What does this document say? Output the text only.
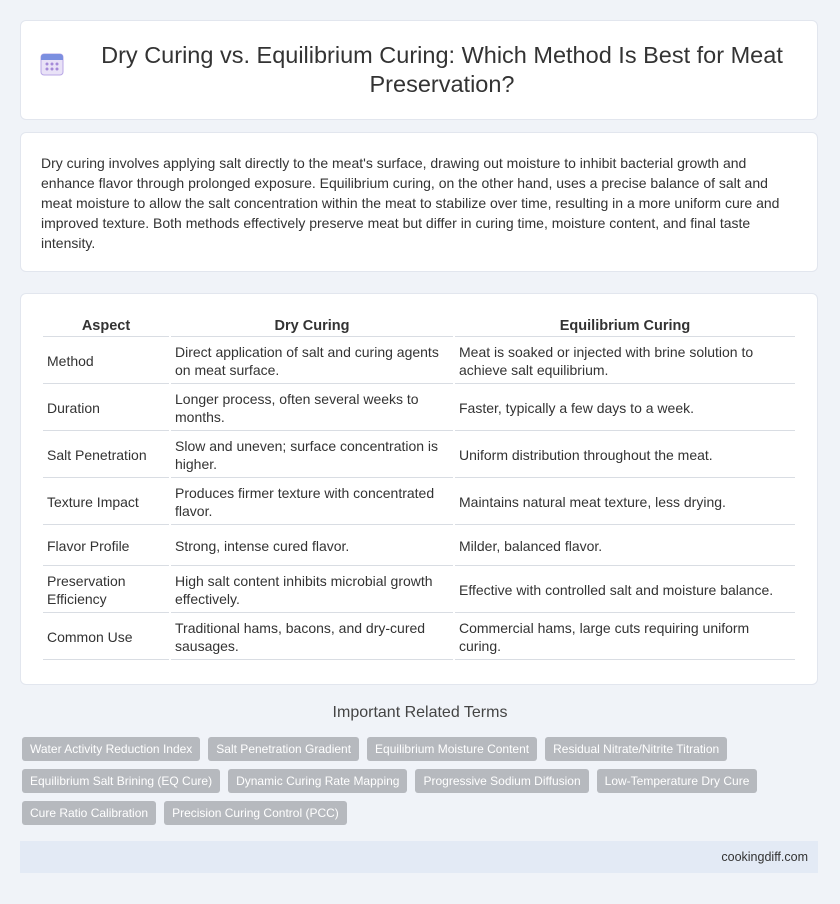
Dry Curing vs. Equilibrium Curing: Which Method Is Best for Meat Preservation?

Dry curing involves applying salt directly to the meat's surface, drawing out moisture to inhibit bacterial growth and enhance flavor through prolonged exposure. Equilibrium curing, on the other hand, uses a precise balance of salt and meat moisture to allow the salt concentration within the meat to stabilize over time, resulting in a more uniform cure and improved texture. Both methods effectively preserve meat but differ in curing time, moisture content, and final taste intensity.

Aspect	Dry Curing	Equilibrium Curing
Method	Direct application of salt and curing agents on meat surface.	Meat is soaked or injected with brine solution to achieve salt equilibrium.
Duration	Longer process, often several weeks to months.	Faster, typically a few days to a week.
Salt Penetration	Slow and uneven; surface concentration is higher.	Uniform distribution throughout the meat.
Texture Impact	Produces firmer texture with concentrated flavor.	Maintains natural meat texture, less drying.
Flavor Profile	Strong, intense cured flavor.	Milder, balanced flavor.
Preservation Efficiency	High salt content inhibits microbial growth effectively.	Effective with controlled salt and moisture balance.
Common Use	Traditional hams, bacons, and dry-cured sausages.	Commercial hams, large cuts requiring uniform curing.
Important Related Terms
Water Activity Reduction Index	Salt Penetration Gradient	Equilibrium Moisture Content	Residual Nitrate/Nitrite Titration
Equilibrium Salt Brining (EQ Cure)	Dynamic Curing Rate Mapping	Progressive Sodium Diffusion	Low-Temperature Dry Cure
Cure Ratio Calibration	Precision Curing Control (PCC)
cookingdiff.com
